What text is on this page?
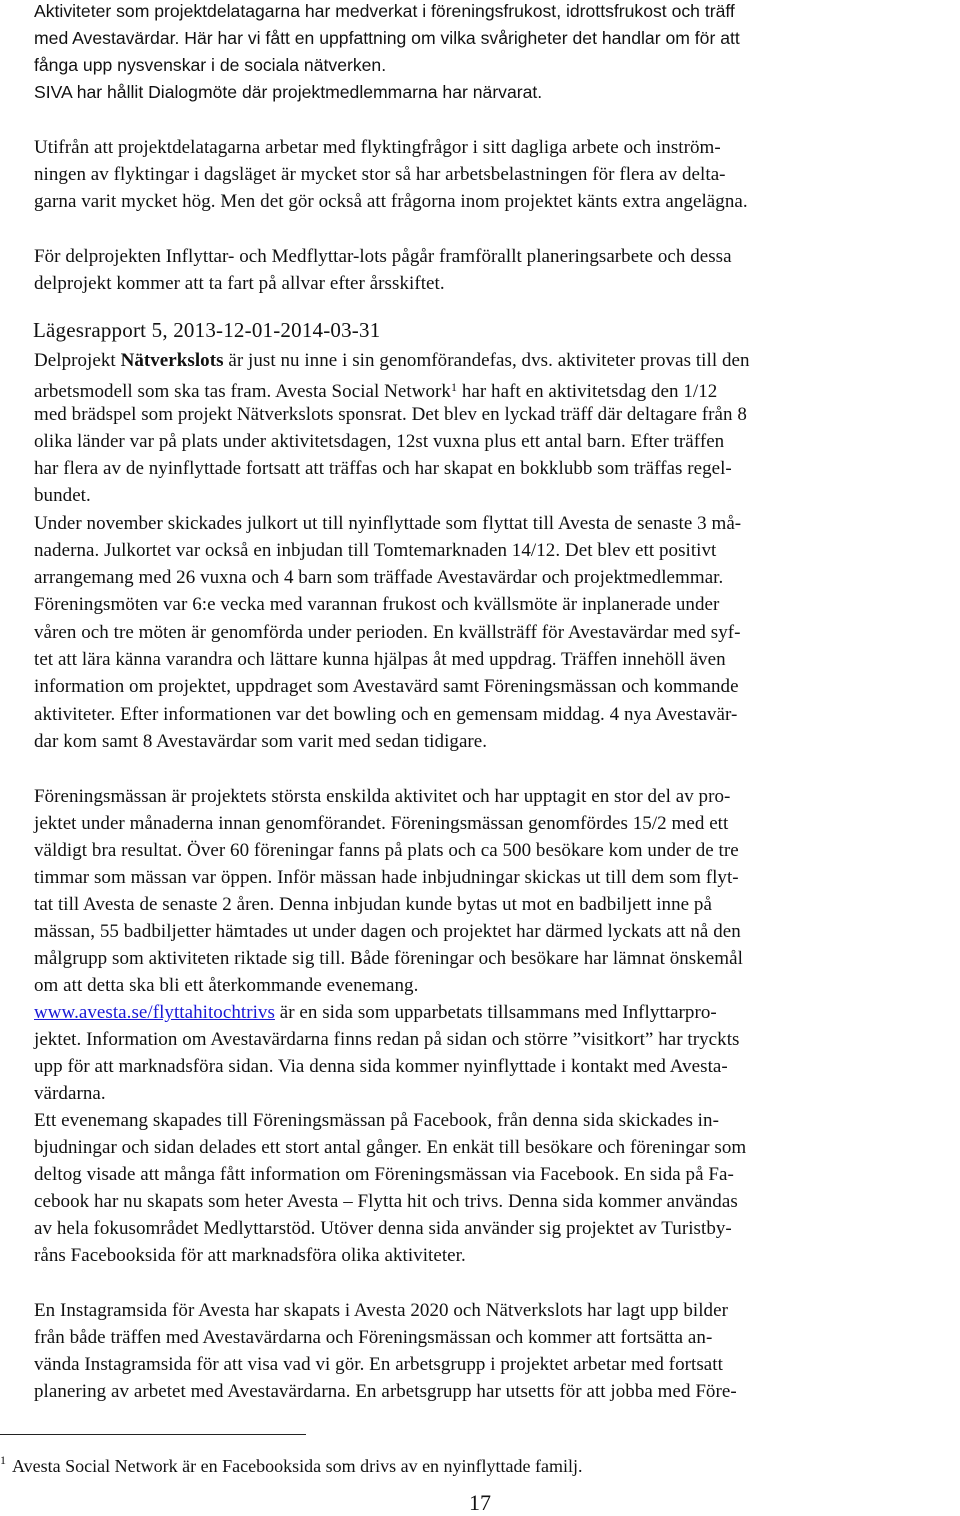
Aktiviteter som projektdelatagarna har medverkat i föreningsfrukost, idrottsfrukost och träff

med Avestavärdar. Här har vi fått en uppfattning om vilka svårigheter det handlar om för att

fånga upp nysvenskar i de sociala nätverken.

SIVA har hållit Dialogmöte där projektmedlemmarna har närvarat.

Utifrån att projektdelatagarna arbetar med flyktingfrågor i sitt dagliga arbete och inström-

ningen av flyktingar i dagsläget är mycket stor så har arbetsbelastningen för flera av delta-

garna varit mycket hög. Men det gör också att frågorna inom projektet känts extra angelägna.

För delprojekten Inflyttar- och Medflyttar-lots pågår framförallt planeringsarbete och dessa

delprojekt kommer att ta fart på allvar efter årsskiftet.

Lägesrapport 5, 2013-12-01-2014-03-31

Delprojekt Nätverkslots är just nu inne i sin genomförandefas, dvs. aktiviteter provas till den

arbetsmodell som ska tas fram. Avesta Social Network$^1$ har haft en aktivitetsdag den 1/12

med brädspel som projekt Nätverkslots sponsrat. Det blev en lyckad träff där deltagare från 8

olika länder var på plats under aktivitetsdagen, 12st vuxna plus ett antal barn. Efter träffen

har flera av de nyinflyttade fortsatt att träffas och har skapat en bokklubb som träffas regel-

bundet.

Under november skickades julkort ut till nyinflyttade som flyttat till Avesta de senaste 3 må-

naderna. Julkortet var också en inbjudan till Tomtemarknaden 14/12. Det blev ett positivt

arrangemang med 26 vuxna och 4 barn som träffade Avestavärdar och projektmedlemmar.

Föreningsmöten var 6:e vecka med varannan frukost och kvällsmöte är inplanerade under

våren och tre möten är genomförda under perioden. En kvällsträff för Avestavärdar med syf-

tet att lära känna varandra och lättare kunna hjälpas åt med uppdrag. Träffen innehöll även

information om projektet, uppdraget som Avestavärd samt Föreningsmässan och kommande

aktiviteter. Efter informationen var det bowling och en gemensam middag. 4 nya Avestavär-

dar kom samt 8 Avestavärdar som varit med sedan tidigare.

Föreningsmässan är projektets största enskilda aktivitet och har upptagit en stor del av pro-

jektet under månaderna innan genomförandet. Föreningsmässan genomfördes 15/2 med ett

väldigt bra resultat. Över 60 föreningar fanns på plats och ca 500 besökare kom under de tre

timmar som mässan var öppen. Inför mässan hade inbjudningar skickas ut till dem som flyt-

tat till Avesta de senaste 2 åren. Denna inbjudan kunde bytas ut mot en badbiljett inne på

mässan, 55 badbiljetter hämtades ut under dagen och projektet har därmed lyckats att nå den

målgrupp som aktiviteten riktade sig till. Både föreningar och besökare har lämnat önskemål

om att detta ska bli ett återkommande evenemang.

www.avesta.se/flyttahitochtrivs är en sida som upparbetats tillsammans med Inflyttarpro-

jektet. Information om Avestavärdarna finns redan på sidan och större ”visitkort” har tryckts

upp för att marknadsföra sidan. Via denna sida kommer nyinflyttade i kontakt med Avesta-

värdarna.

Ett evenemang skapades till Föreningsmässan på Facebook, från denna sida skickades in-

bjudningar och sidan delades ett stort antal gånger. En enkät till besökare och föreningar som

deltog visade att många fått information om Föreningsmässan via Facebook. En sida på Fa-

cebook har nu skapats som heter Avesta – Flytta hit och trivs. Denna sida kommer användas

av hela fokusområdet Medlyttarstöd. Utöver denna sida använder sig projektet av Turistby-

råns Facebooksida för att marknadsföra olika aktiviteter.

En Instagramsida för Avesta har skapats i Avesta 2020 och Nätverkslots har lagt upp bilder

från både träffen med Avestavärdarna och Föreningsmässan och kommer att fortsätta an-

vända Instagramsida för att visa vad vi gör. En arbetsgrupp i projektet arbetar med fortsatt

planering av arbetet med Avestavärdarna. En arbetsgrupp har utsetts för att jobba med Före-

$^1$ Avesta Social Network är en Facebooksida som drivs av en nyinflyttade familj.

17
